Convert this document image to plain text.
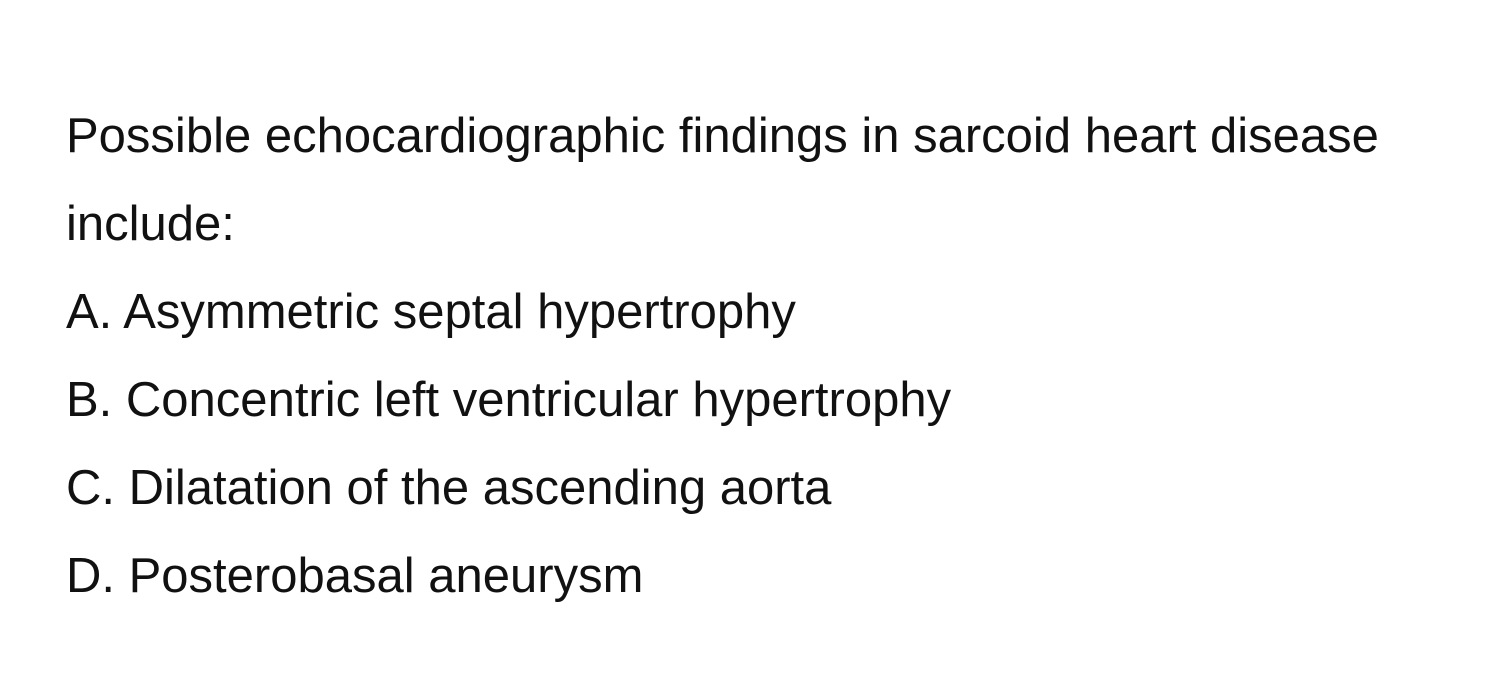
Possible echocardiographic findings in sarcoid heart disease include:

A. Asymmetric septal hypertrophy
B. Concentric left ventricular hypertrophy
C. Dilatation of the ascending aorta
D. Posterobasal aneurysm
